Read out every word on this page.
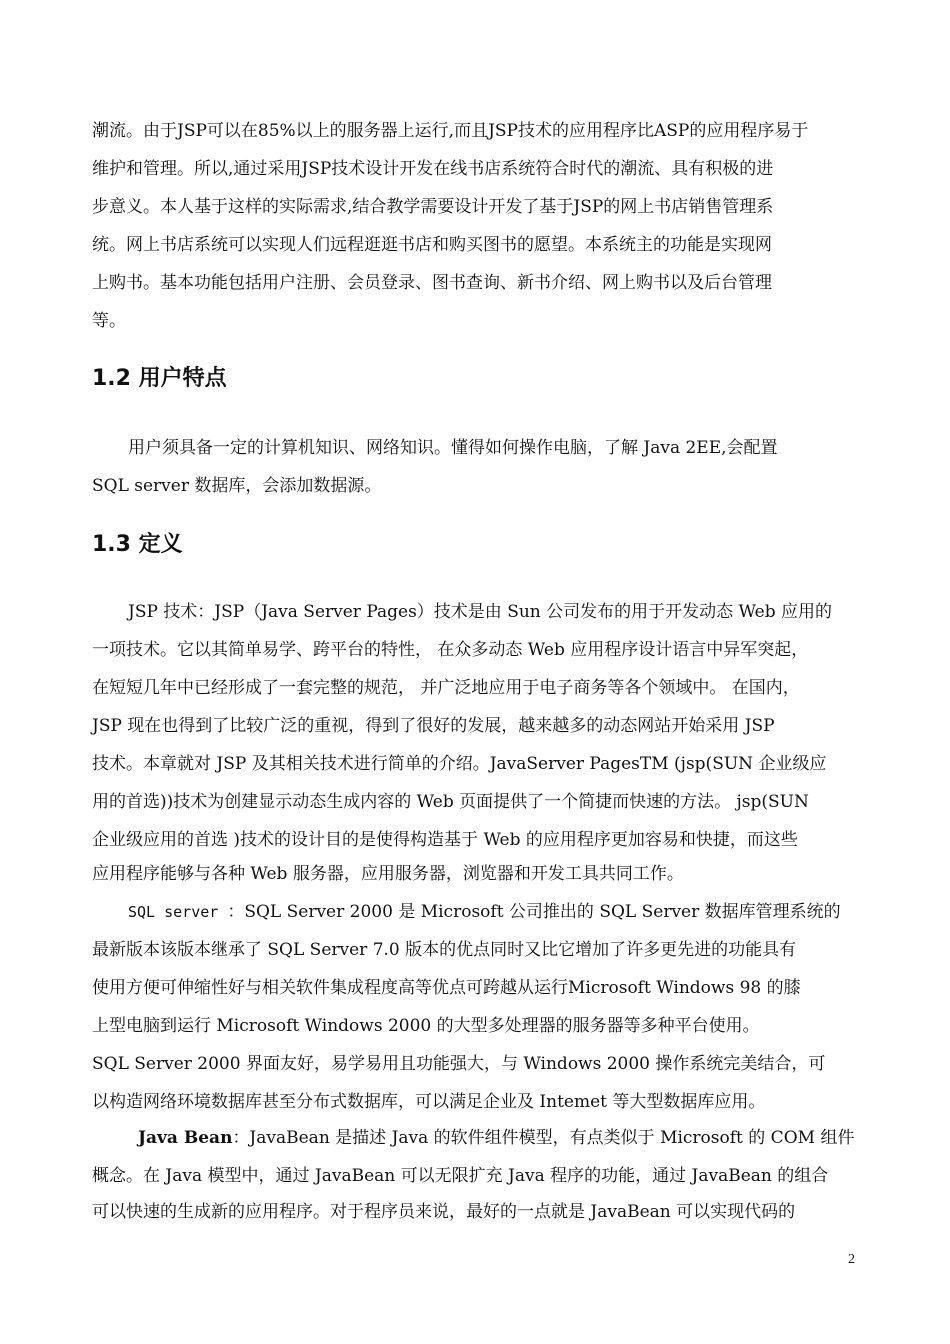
潮流。由于JSP可以在85%以上的服务器上运行,而且JSP技术的应用程序比ASP的应用程序易于
维护和管理。所以,通过采用JSP技术设计开发在线书店系统符合时代的潮流、具有积极的进
步意义。本人基于这样的实际需求,结合教学需要设计开发了基于JSP的网上书店销售管理系
统。网上书店系统可以实现人们远程逛逛书店和购买图书的愿望。本系统主的功能是实现网
上购书。基本功能包括用户注册、会员登录、图书查询、新书介绍、网上购书以及后台管理
等。
1.2 用户特点
用户须具备一定的计算机知识、网络知识。懂得如何操作电脑，了解 Java 2EE,会配置
SQL server 数据库，会添加数据源。
1.3 定义
JSP 技术：JSP（Java Server Pages）技术是由 Sun 公司发布的用于开发动态 Web 应用的
一项技术。它以其简单易学、跨平台的特性， 在众多动态 Web 应用程序设计语言中异军突起，
在短短几年中已经形成了一套完整的规范， 并广泛地应用于电子商务等各个领域中。 在国内，
JSP 现在也得到了比较广泛的重视，得到了很好的发展，越来越多的动态网站开始采用 JSP
技术。本章就对 JSP 及其相关技术进行简单的介绍。JavaServer PagesTM (jsp(SUN 企业级应
用的首选))技术为创建显示动态生成内容的 Web 页面提供了一个简捷而快速的方法。 jsp(SUN
企业级应用的首选 )技术的设计目的是使得构造基于 Web 的应用程序更加容易和快捷，而这些
应用程序能够与各种 Web 服务器，应用服务器，浏览器和开发工具共同工作。
SQL server ：SQL Server 2000 是 Microsoft 公司推出的 SQL Server 数据库管理系统的
最新版本该版本继承了 SQL Server 7.0 版本的优点同时又比它增加了许多更先进的功能具有
使用方便可伸缩性好与相关软件集成程度高等优点可跨越从运行Microsoft Windows 98 的膝
上型电脑到运行 Microsoft Windows 2000 的大型多处理器的服务器等多种平台使用。
SQL Server 2000 界面友好，易学易用且功能强大，与 Windows 2000 操作系统完美结合，可
以构造网络环境数据库甚至分布式数据库，可以满足企业及 Intemet 等大型数据库应用。
Java Bean：JavaBean 是描述 Java 的软件组件模型，有点类似于 Microsoft 的 COM 组件
概念。在 Java 模型中，通过 JavaBean 可以无限扩充 Java 程序的功能，通过 JavaBean 的组合
可以快速的生成新的应用程序。对于程序员来说，最好的一点就是 JavaBean 可以实现代码的
2
